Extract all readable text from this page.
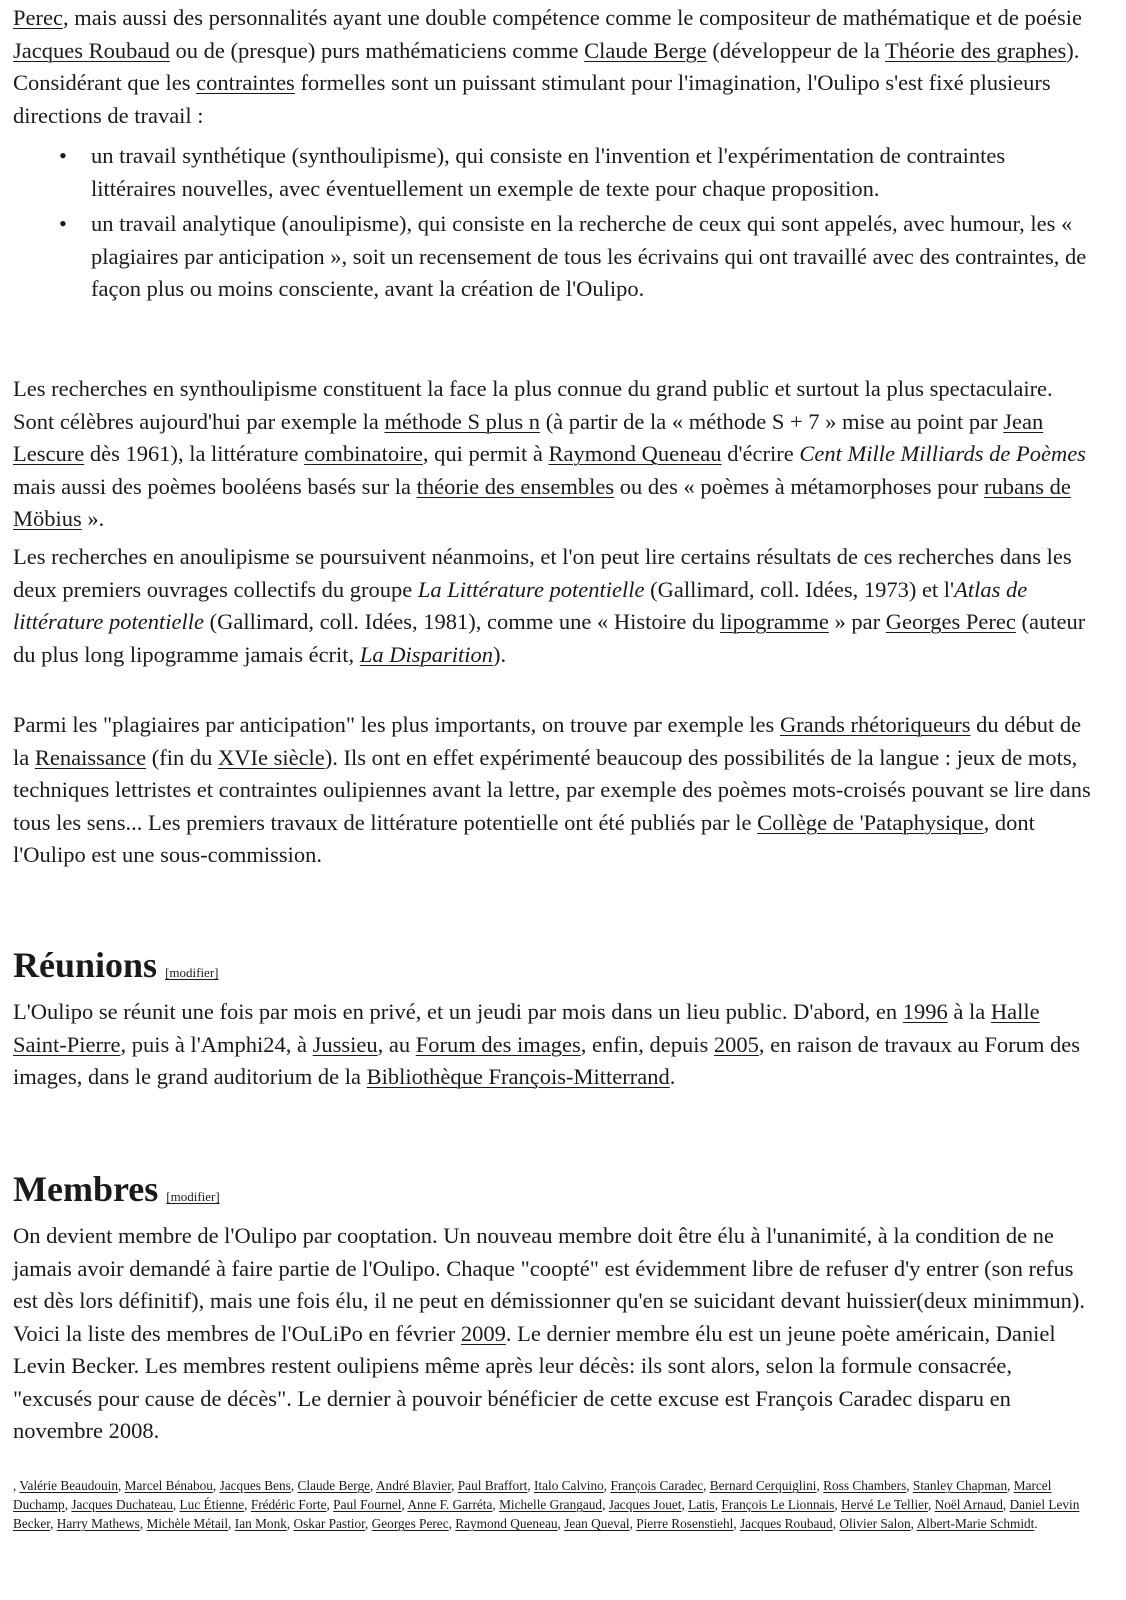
Perec, mais aussi des personnalités ayant une double compétence comme le compositeur de mathématique et de poésie Jacques Roubaud ou de (presque) purs mathématiciens comme Claude Berge (développeur de la Théorie des graphes). Considérant que les contraintes formelles sont un puissant stimulant pour l'imagination, l'Oulipo s'est fixé plusieurs directions de travail :

• un travail synthétique (synthoulipisme), qui consiste en l'invention et l'expérimentation de contraintes littéraires nouvelles, avec éventuellement un exemple de texte pour chaque proposition.
• un travail analytique (anoulipisme), qui consiste en la recherche de ceux qui sont appelés, avec humour, les « plagiaires par anticipation », soit un recensement de tous les écrivains qui ont travaillé avec des contraintes, de façon plus ou moins consciente, avant la création de l'Oulipo.

Les recherches en synthoulipisme constituent la face la plus connue du grand public et surtout la plus spectaculaire. Sont célèbres aujourd'hui par exemple la méthode S plus n (à partir de la « méthode S + 7 » mise au point par Jean Lescure dès 1961), la littérature combinatoire, qui permit à Raymond Queneau d'écrire Cent Mille Milliards de Poèmes mais aussi des poèmes booléens basés sur la théorie des ensembles ou des « poèmes à métamorphoses pour rubans de Möbius ».

Les recherches en anoulipisme se poursuivent néanmoins, et l'on peut lire certains résultats de ces recherches dans les deux premiers ouvrages collectifs du groupe La Littérature potentielle (Gallimard, coll. Idées, 1973) et l'Atlas de littérature potentielle (Gallimard, coll. Idées, 1981), comme une « Histoire du lipogramme » par Georges Perec (auteur du plus long lipogramme jamais écrit, La Disparition).

Parmi les "plagiaires par anticipation" les plus importants, on trouve par exemple les Grands rhétoriqueurs du début de la Renaissance (fin du XVIe siècle). Ils ont en effet expérimenté beaucoup des possibilités de la langue : jeux de mots, techniques lettristes et contraintes oulipiennes avant la lettre, par exemple des poèmes mots-croisés pouvant se lire dans tous les sens... Les premiers travaux de littérature potentielle ont été publiés par le Collège de 'Pataphysique, dont l'Oulipo est une sous-commission.

Réunions [modifier]

L'Oulipo se réunit une fois par mois en privé, et un jeudi par mois dans un lieu public. D'abord, en 1996 à la Halle Saint-Pierre, puis à l'Amphi24, à Jussieu, au Forum des images, enfin, depuis 2005, en raison de travaux au Forum des images, dans le grand auditorium de la Bibliothèque François-Mitterrand.

Membres [modifier]

On devient membre de l'Oulipo par cooptation. Un nouveau membre doit être élu à l'unanimité, à la condition de ne jamais avoir demandé à faire partie de l'Oulipo. Chaque "coopté" est évidemment libre de refuser d'y entrer (son refus est dès lors définitif), mais une fois élu, il ne peut en démissionner qu'en se suicidant devant huissier(deux minimmun). Voici la liste des membres de l'OuLiPo en février 2009. Le dernier membre élu est un jeune poète américain, Daniel Levin Becker. Les membres restent oulipiens même après leur décès: ils sont alors, selon la formule consacrée, "excusés pour cause de décès". Le dernier à pouvoir bénéficier de cette excuse est François Caradec disparu en novembre 2008.

, Valérie Beaudouin, Marcel Bénabou, Jacques Bens, Claude Berge, André Blavier, Paul Braffort, Italo Calvino, François Caradec, Bernard Cerquiglini, Ross Chambers, Stanley Chapman, Marcel Duchamp, Jacques Duchateau, Luc Étienne, Frédéric Forte, Paul Fournel, Anne F. Garréta, Michelle Grangaud, Jacques Jouet, Latis, François Le Lionnais, Hervé Le Tellier, Noël Arnaud, Daniel Levin Becker, Harry Mathews, Michèle Métail, Ian Monk, Oskar Pastior, Georges Perec, Raymond Queneau, Jean Queval, Pierre Rosenstiehl, Jacques Roubaud, Olivier Salon, Albert-Marie Schmidt.
